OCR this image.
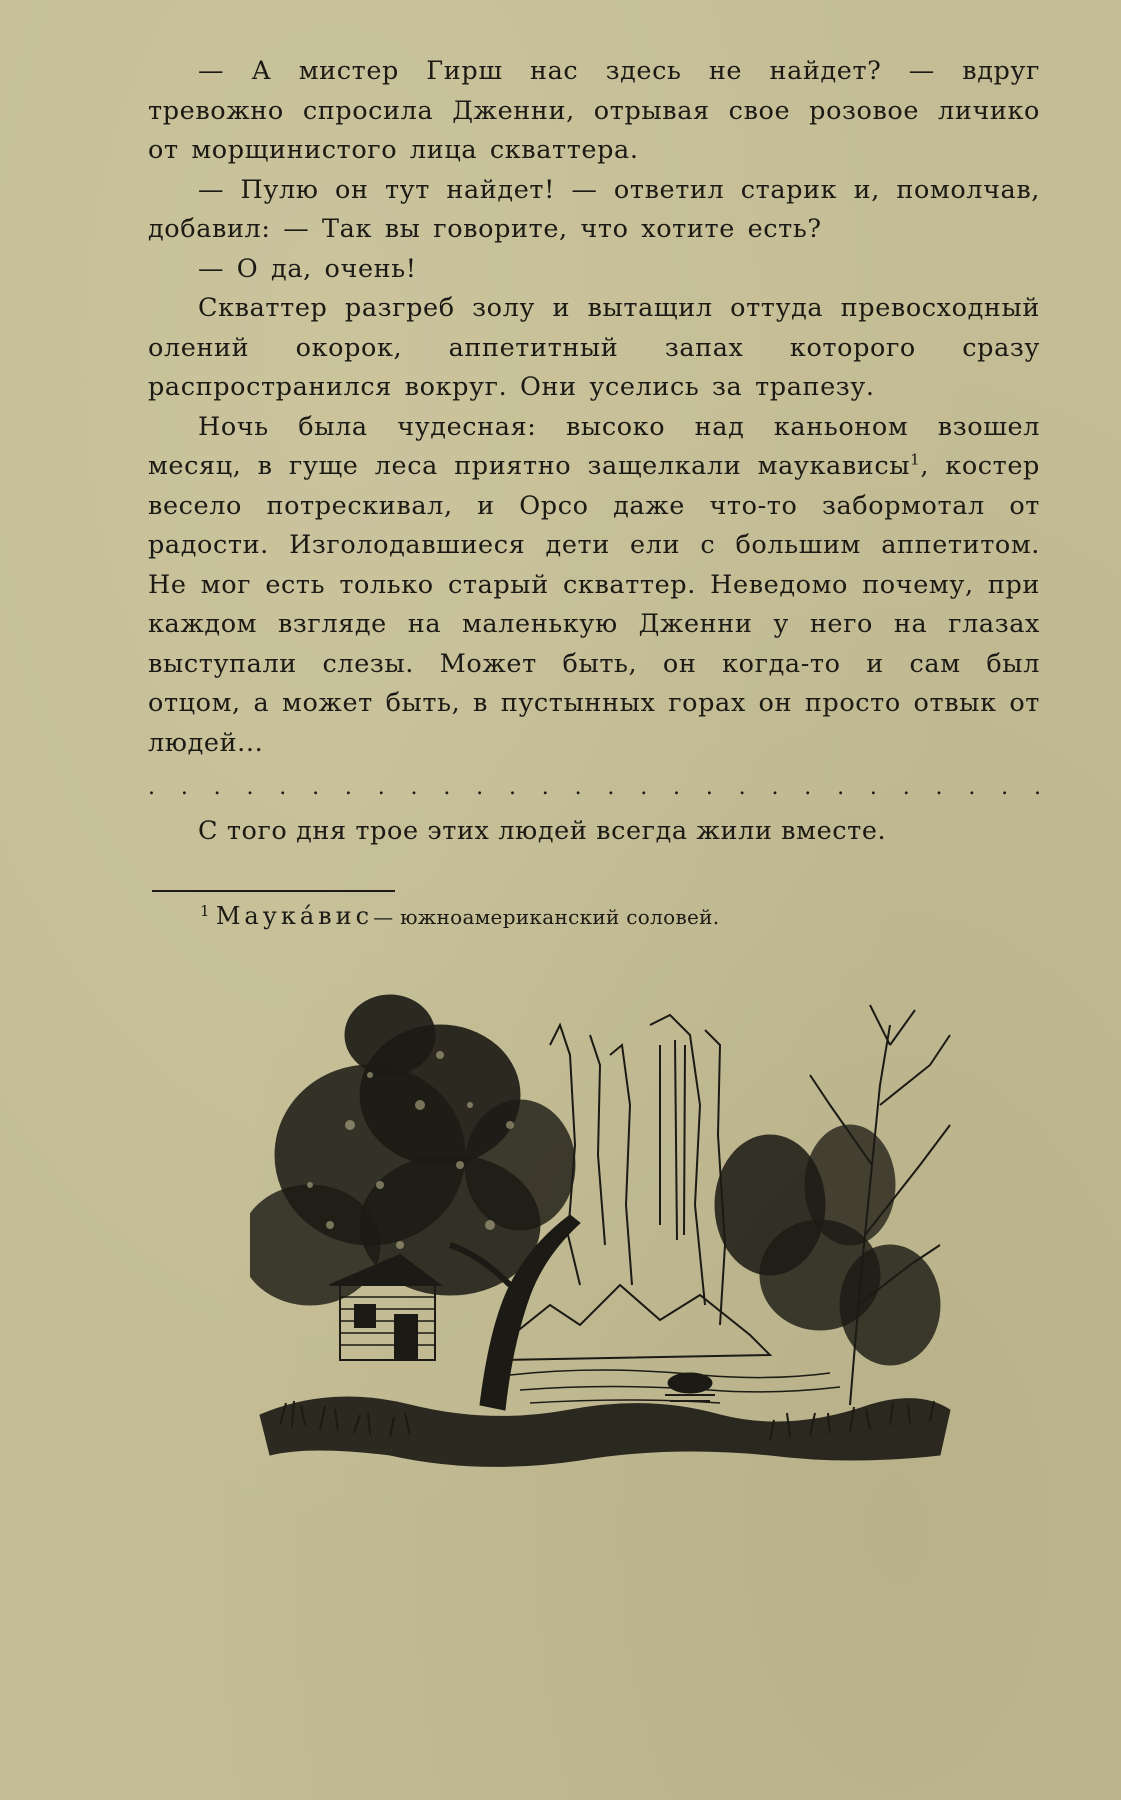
— А мистер Гирш нас здесь не найдет? — вдруг тревожно спросила Дженни, отрывая свое розовое личико от морщинистого лица скваттера.

— Пулю он тут найдет! — ответил старик и, помолчав, добавил: — Так вы говорите, что хотите есть?

— О да, очень!

Скваттер разгреб золу и вытащил оттуда превосходный олений окорок, аппетитный запах которого сразу распространился вокруг. Они уселись за трапезу.

Ночь была чудесная: высоко над каньоном взошел месяц, в гуще леса приятно защелкали маукависы$^1$, костер весело потрескивал, и Орсо даже что-то забормотал от радости. Изголодавшиеся дети ели с большим аппетитом. Не мог есть только старый скваттер. Неведомо почему, при каждом взгляде на маленькую Дженни у него на глазах выступали слезы. Может быть, он когда-то и сам был отцом, а может быть, в пустынных горах он просто отвык от людей...

. . . . . . . . . . . . . . . . . . . . . . . . . . . .

С того дня трое этих людей всегда жили вместе.

$^1$ Маука́вис— южноамериканский соловей.
